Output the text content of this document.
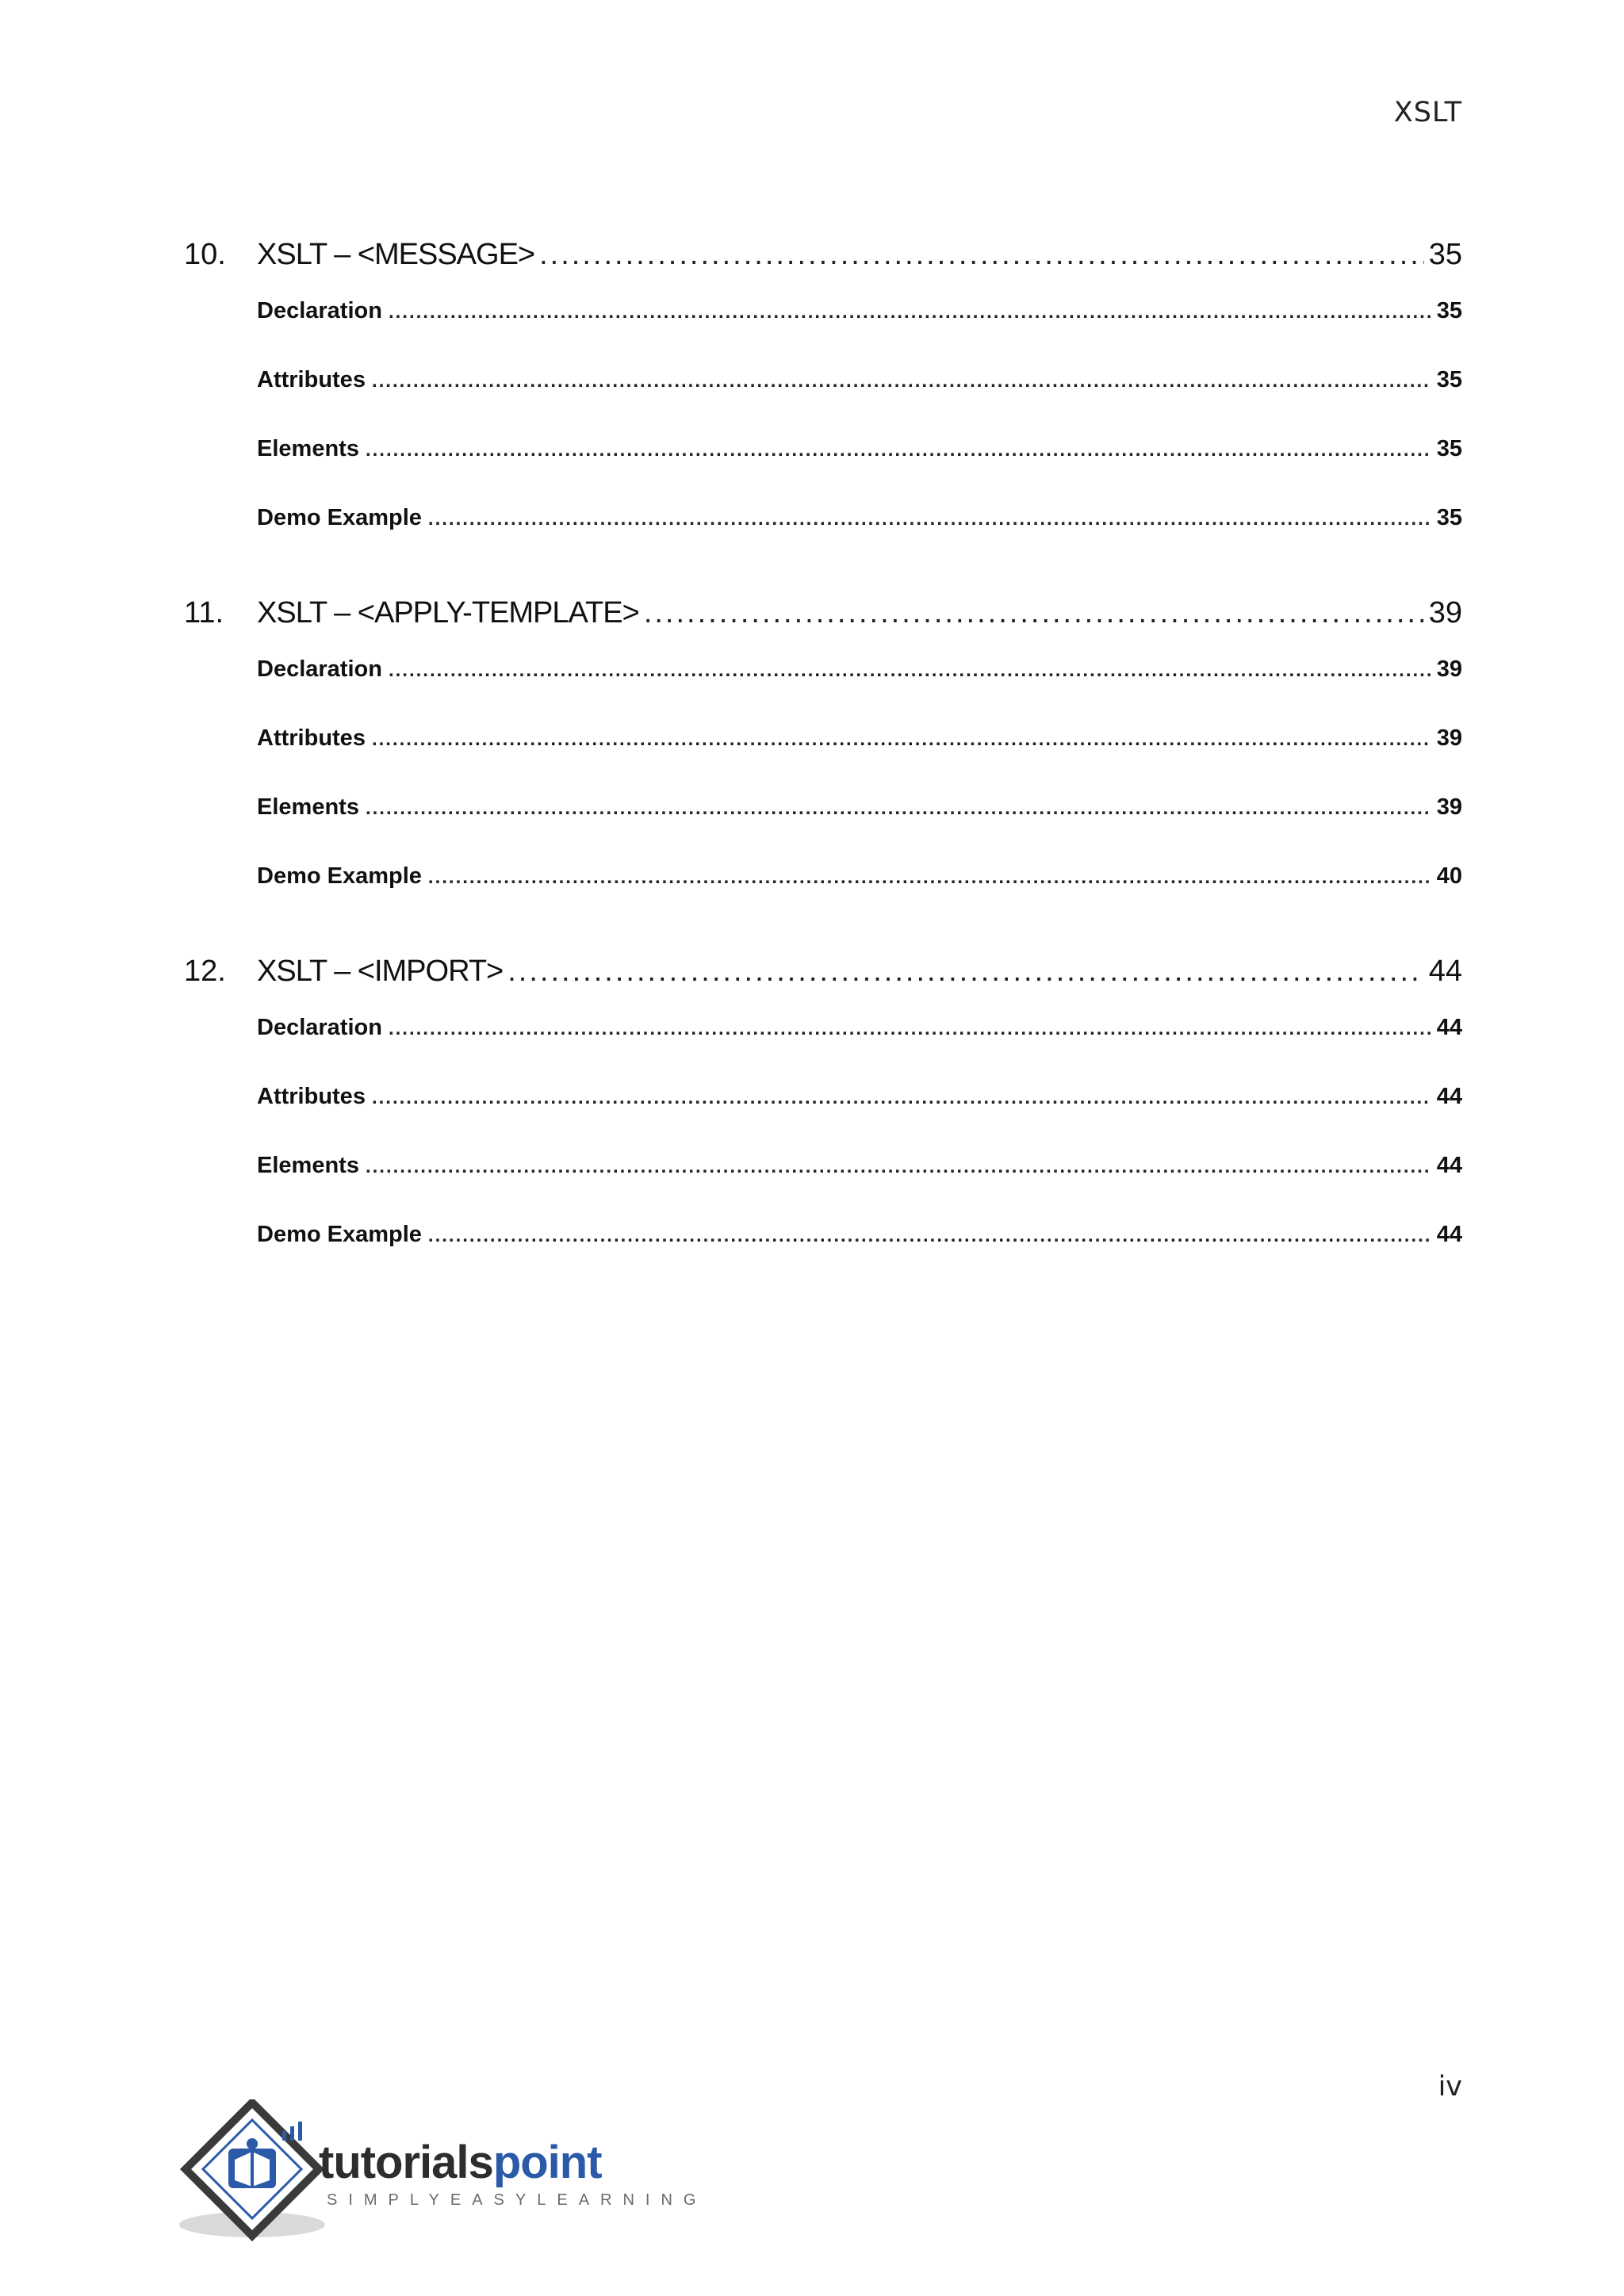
XSLT
10.	XSLT – <MESSAGE> .....	35
Declaration .....	35
Attributes .....	35
Elements .....	35
Demo Example .....	35
11.	XSLT – <APPLY-TEMPLATE> .....	39
Declaration .....	39
Attributes .....	39
Elements .....	39
Demo Example .....	40
12.	XSLT – <IMPORT> .....	44
Declaration .....	44
Attributes .....	44
Elements .....	44
Demo Example .....	44
iv
tutorialspoint
SIMPLYEASYLEARNING
